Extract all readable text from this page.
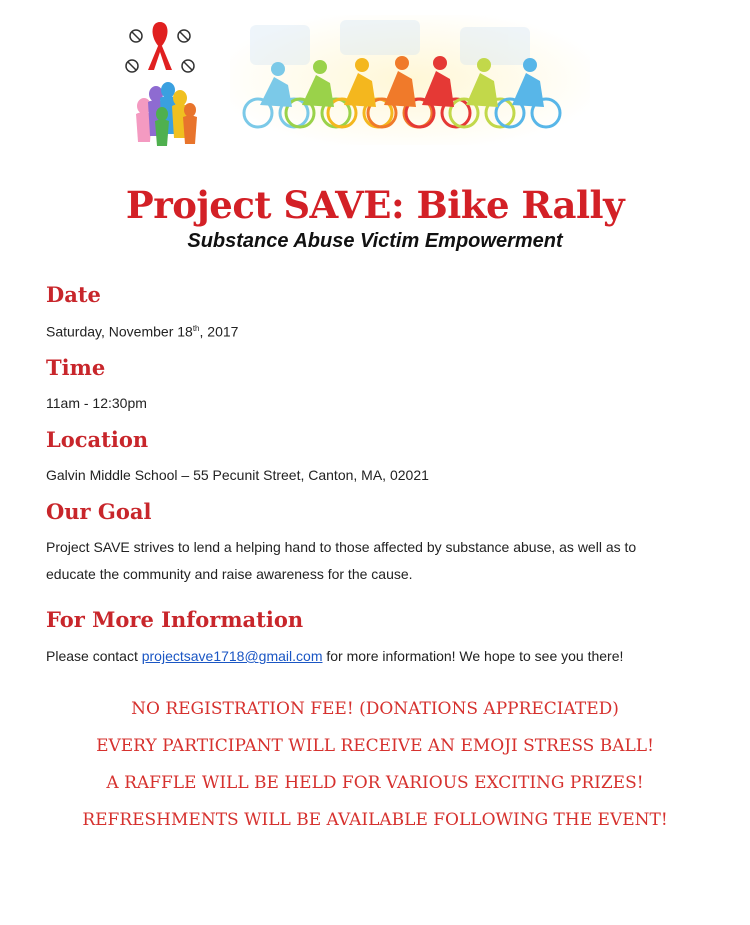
Project SAVE: Bike Rally
Substance Abuse Victim Empowerment
Date
Saturday, November 18th, 2017
Time
11am - 12:30pm
Location
Galvin Middle School – 55 Pecunit Street, Canton, MA, 02021
Our Goal
Project SAVE strives to lend a helping hand to those affected by substance abuse, as well as to
educate the community and raise awareness for the cause.
For More Information
Please contact projectsave1718@gmail.com for more information! We hope to see you there!
NO REGISTRATION FEE! (DONATIONS APPRECIATED)
EVERY PARTICIPANT WILL RECEIVE AN EMOJI STRESS BALL!
A RAFFLE WILL BE HELD FOR VARIOUS EXCITING PRIZES!
REFRESHMENTS WILL BE AVAILABLE FOLLOWING THE EVENT!
